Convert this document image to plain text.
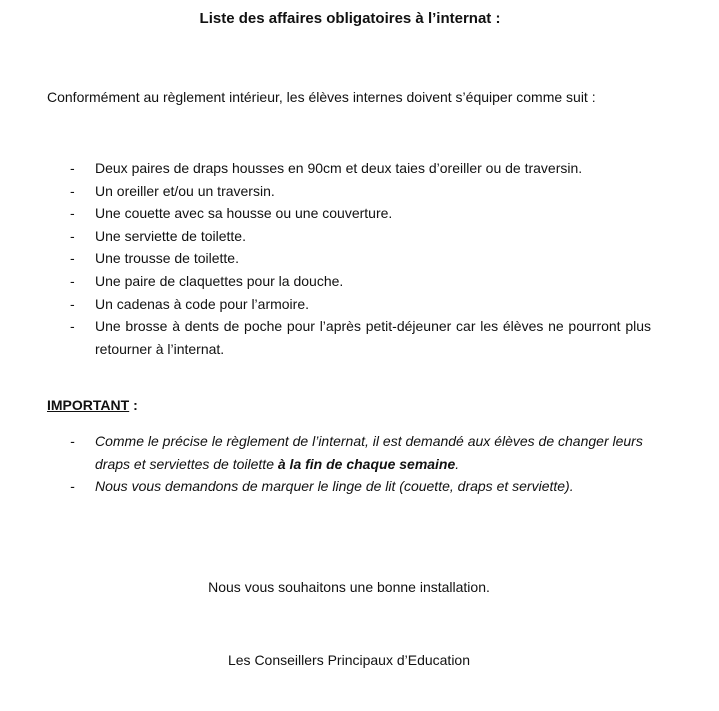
Liste des affaires obligatoires à l’internat :
Conformément au règlement intérieur, les élèves internes doivent s’équiper comme suit :
- Deux paires de draps housses en 90cm et deux taies d’oreiller ou de traversin.
- Un oreiller et/ou un traversin.
- Une couette avec sa housse ou une couverture.
- Une serviette de toilette.
- Une trousse de toilette.
- Une paire de claquettes pour la douche.
- Un cadenas à code pour l’armoire.
- Une brosse à dents de poche pour l’après petit-déjeuner car les élèves ne pourront plus retourner à l’internat.
IMPORTANT :
- Comme le précise le règlement de l’internat, il est demandé aux élèves de changer leurs draps et serviettes de toilette à la fin de chaque semaine.
- Nous vous demandons de marquer le linge de lit (couette, draps et serviette).
Nous vous souhaitons une bonne installation.
Les Conseillers Principaux d’Education
